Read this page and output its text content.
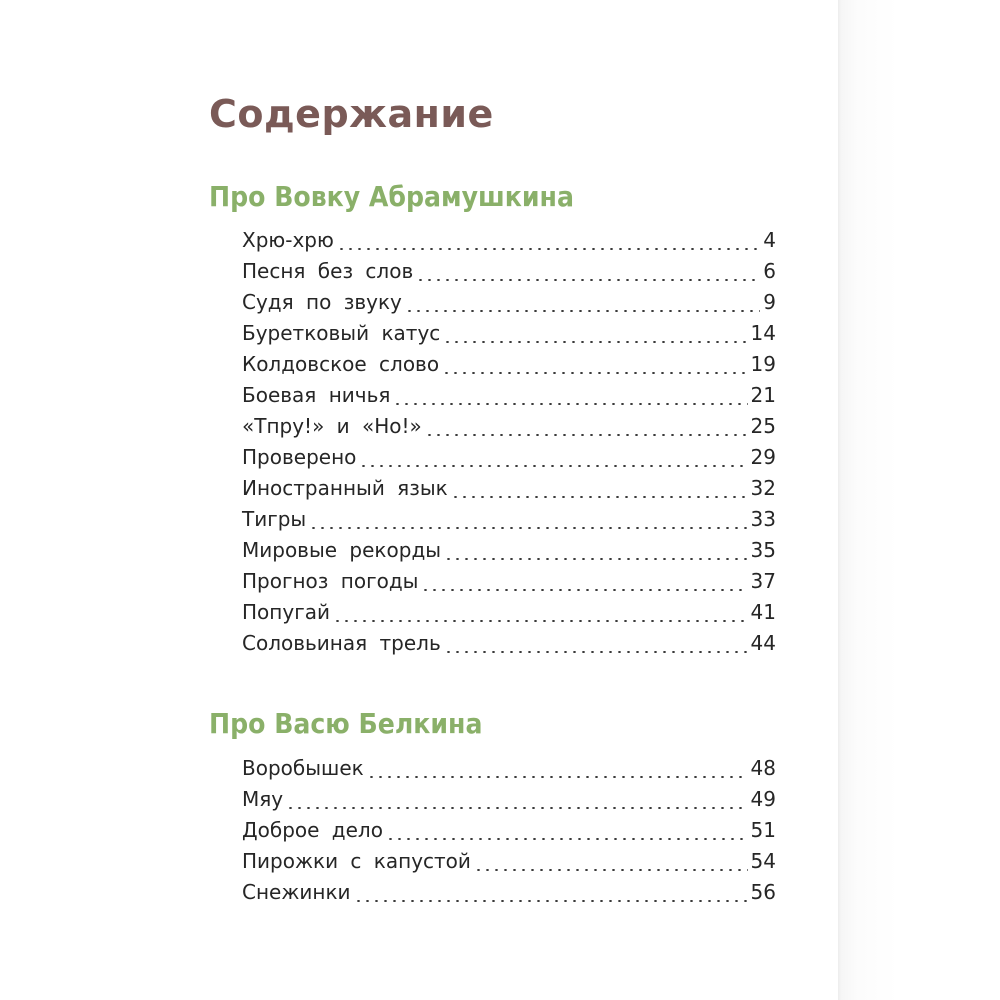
Содержание
Про Вовку Абрамушкина
Хрю-хрю	4
Песня без слов	6
Судя по звуку	9
Буретковый катус	14
Колдовское слово	19
Боевая ничья	21
«Тпру!» и «Но!»	25
Проверено	29
Иностранный язык	32
Тигры	33
Мировые рекорды	35
Прогноз погоды	37
Попугай	41
Соловьиная трель	44
Про Васю Белкина
Воробышек	48
Мяу	49
Доброе дело	51
Пирожки с капустой	54
Снежинки	56
